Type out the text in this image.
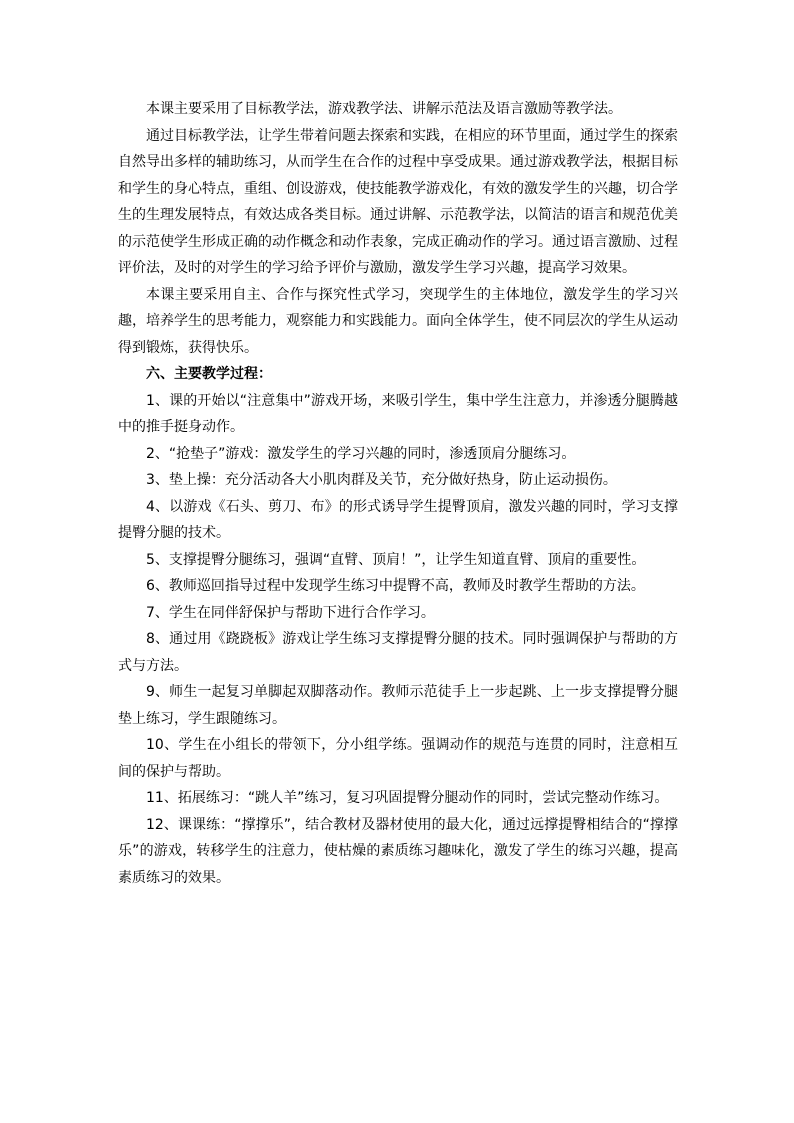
本课主要采用了目标教学法，游戏教学法、讲解示范法及语言激励等教学法。

通过目标教学法，让学生带着问题去探索和实践，在相应的环节里面，通过学生的探索自然导出多样的辅助练习，从而学生在合作的过程中享受成果。通过游戏教学法，根据目标和学生的身心特点，重组、创设游戏，使技能教学游戏化，有效的激发学生的兴趣，切合学生的生理发展特点，有效达成各类目标。通过讲解、示范教学法，以简洁的语言和规范优美的示范使学生形成正确的动作概念和动作表象，完成正确动作的学习。通过语言激励、过程评价法，及时的对学生的学习给予评价与激励，激发学生学习兴趣，提高学习效果。

本课主要采用自主、合作与探究性式学习，突现学生的主体地位，激发学生的学习兴趣，培养学生的思考能力，观察能力和实践能力。面向全体学生，使不同层次的学生从运动得到锻炼，获得快乐。

六、主要教学过程：

1、课的开始以“注意集中”游戏开场，来吸引学生，集中学生注意力，并渗透分腿腾越中的推手挺身动作。

2、“抢垫子”游戏：激发学生的学习兴趣的同时，渗透顶肩分腿练习。

3、垫上操：充分活动各大小肌肉群及关节，充分做好热身，防止运动损伤。

4、以游戏《石头、剪刀、布》的形式诱导学生提臀顶肩，激发兴趣的同时，学习支撑提臀分腿的技术。

5、支撑提臀分腿练习，强调“直臂、顶肩！”，让学生知道直臂、顶肩的重要性。

6、教师巡回指导过程中发现学生练习中提臀不高，教师及时教学生帮助的方法。

7、学生在同伴舒保护与帮助下进行合作学习。

8、通过用《跷跷板》游戏让学生练习支撑提臀分腿的技术。同时强调保护与帮助的方式与方法。

9、师生一起复习单脚起双脚落动作。教师示范徒手上一步起跳、上一步支撑提臀分腿垫上练习，学生跟随练习。

10、学生在小组长的带领下，分小组学练。强调动作的规范与连贯的同时，注意相互间的保护与帮助。

11、拓展练习：“跳人羊”练习，复习巩固提臀分腿动作的同时，尝试完整动作练习。

12、课课练：“撑撑乐”，结合教材及器材使用的最大化，通过远撑提臀相结合的“撑撑乐”的游戏，转移学生的注意力，使枯燥的素质练习趣味化，激发了学生的练习兴趣，提高素质练习的效果。
